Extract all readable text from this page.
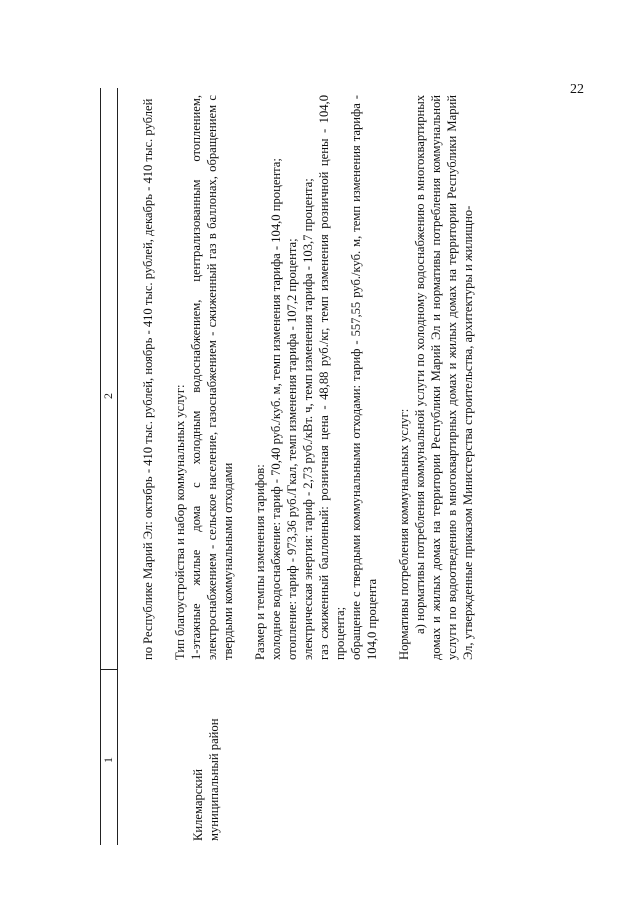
22
1
2
Килемарский муниципальный район

по Республике Марий Эл: октябрь - 410 тыс. рублей, ноябрь - 410 тыс. рублей, декабрь - 410 тыс. рублей Тип благоустройства и набор коммунальных услуг: 1-этажные жилые дома с холодным водоснабжением, централизованным отоплением, электроснабжением - сельское население, газоснабжением - сжиженный газ в баллонах, обращением с твердыми коммунальными отходами Размер и темпы изменения тарифов: холодное водоснабжение: тариф - 70,40 руб./куб. м, темп изменения тарифа - 104,0 процента; отопление: тариф - 973,36 руб./Гкал, темп изменения тарифа - 107,2 процента; электрическая энергия: тариф - 2,73 руб./кВт. ч, темп изменения тарифа - 103,7 процента; газ сжиженный баллонный: розничная цена - 48,88 руб./кг, темп изменения розничной цены - 104,0 процента; обращение с твердыми коммунальными отходами: тариф - 557,55 руб./куб. м, темп изменения тарифа - 104,0 процента Нормативы потребления коммунальных услуг: а) нормативы потребления коммунальной услуги по холодному водоснабжению в многоквартирных домах и жилых домах на территории Республики Марий Эл и нормативы потребления коммунальной услуги по водоотведению в многоквартирных домах и жилых домах на территории Республики Марий Эл, утвержденные приказом Министерства строительства, архитектуры и жилищно-
